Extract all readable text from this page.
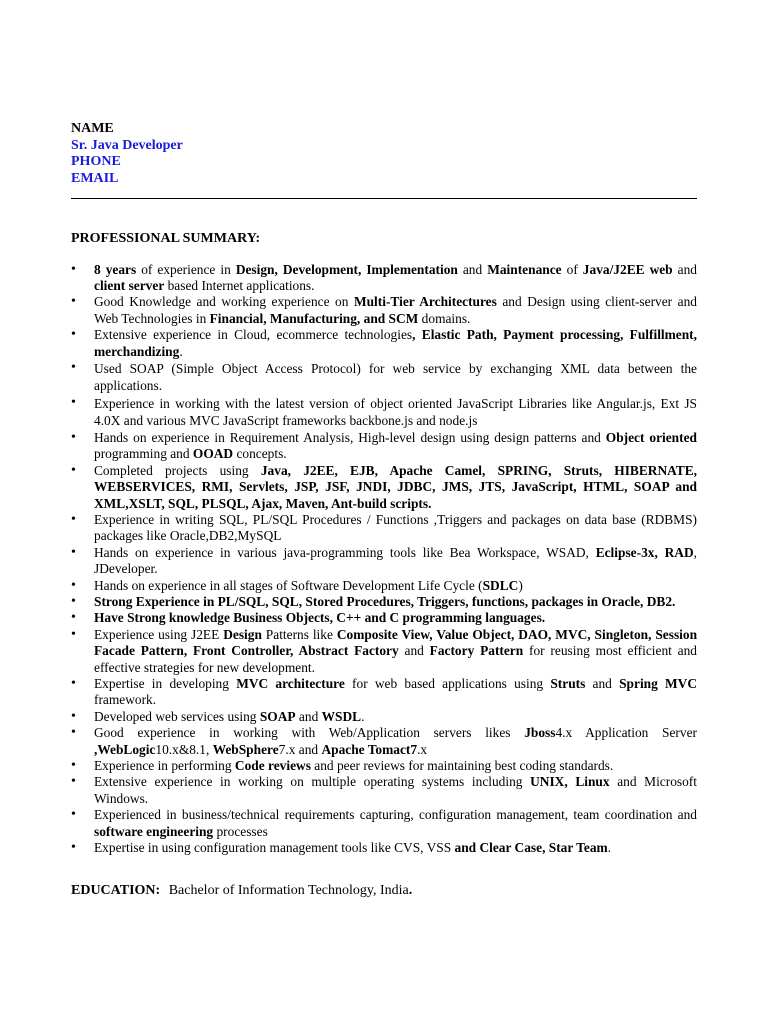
NAME
Sr. Java Developer
PHONE
EMAIL
PROFESSIONAL SUMMARY:
•	8 years of experience in Design, Development, Implementation and Maintenance of Java/J2EE web and client server based Internet applications.
•	Good Knowledge and working experience on Multi-Tier Architectures and Design using client-server and Web Technologies in Financial, Manufacturing, and SCM domains.
•	Extensive experience in Cloud, ecommerce technologies, Elastic Path, Payment processing, Fulfillment, merchandizing.
•	Used SOAP (Simple Object Access Protocol) for web service by exchanging XML data between the applications.
•	Experience in working with the latest version of object oriented JavaScript Libraries like Angular.js, Ext JS 4.0X and various MVC JavaScript frameworks backbone.js and node.js
•	Hands on experience in Requirement Analysis, High-level design using design patterns and Object oriented programming and OOAD concepts.
•	Completed projects using Java, J2EE, EJB, Apache Camel, SPRING, Struts, HIBERNATE, WEBSERVICES, RMI, Servlets, JSP, JSF, JNDI, JDBC, JMS, JTS, JavaScript, HTML, SOAP and XML,XSLT, SQL, PLSQL, Ajax, Maven, Ant-build scripts.
•	Experience in writing SQL, PL/SQL Procedures / Functions ,Triggers and packages on data base (RDBMS) packages like Oracle,DB2,MySQL
•	Hands on experience in various java-programming tools like Bea Workspace, WSAD, Eclipse-3x, RAD, JDeveloper.
•	Hands on experience in all stages of Software Development Life Cycle (SDLC)
•	Strong Experience in PL/SQL, SQL, Stored Procedures, Triggers, functions, packages in Oracle, DB2.
•	Have Strong knowledge Business Objects, C++ and C programming languages.
•	Experience using J2EE Design Patterns like Composite View, Value Object, DAO, MVC, Singleton, Session Facade Pattern, Front Controller, Abstract Factory and Factory Pattern for reusing most efficient and effective strategies for new development.
•	Expertise in developing MVC architecture for web based applications using Struts and Spring MVC framework.
•	Developed web services using SOAP and WSDL.
•	Good experience in working with Web/Application servers likes Jboss4.x Application Server ,WebLogic10.x&8.1, WebSphere7.x and Apache Tomact7.x
•	Experience in performing Code reviews and peer reviews for maintaining best coding standards.
•	Extensive experience in working on multiple operating systems including UNIX, Linux and Microsoft Windows.
•	Experienced in business/technical requirements capturing, configuration management, team coordination and software engineering processes
•	Expertise in using configuration management tools like CVS, VSS and Clear Case, Star Team.
EDUCATION: Bachelor of Information Technology, India.
